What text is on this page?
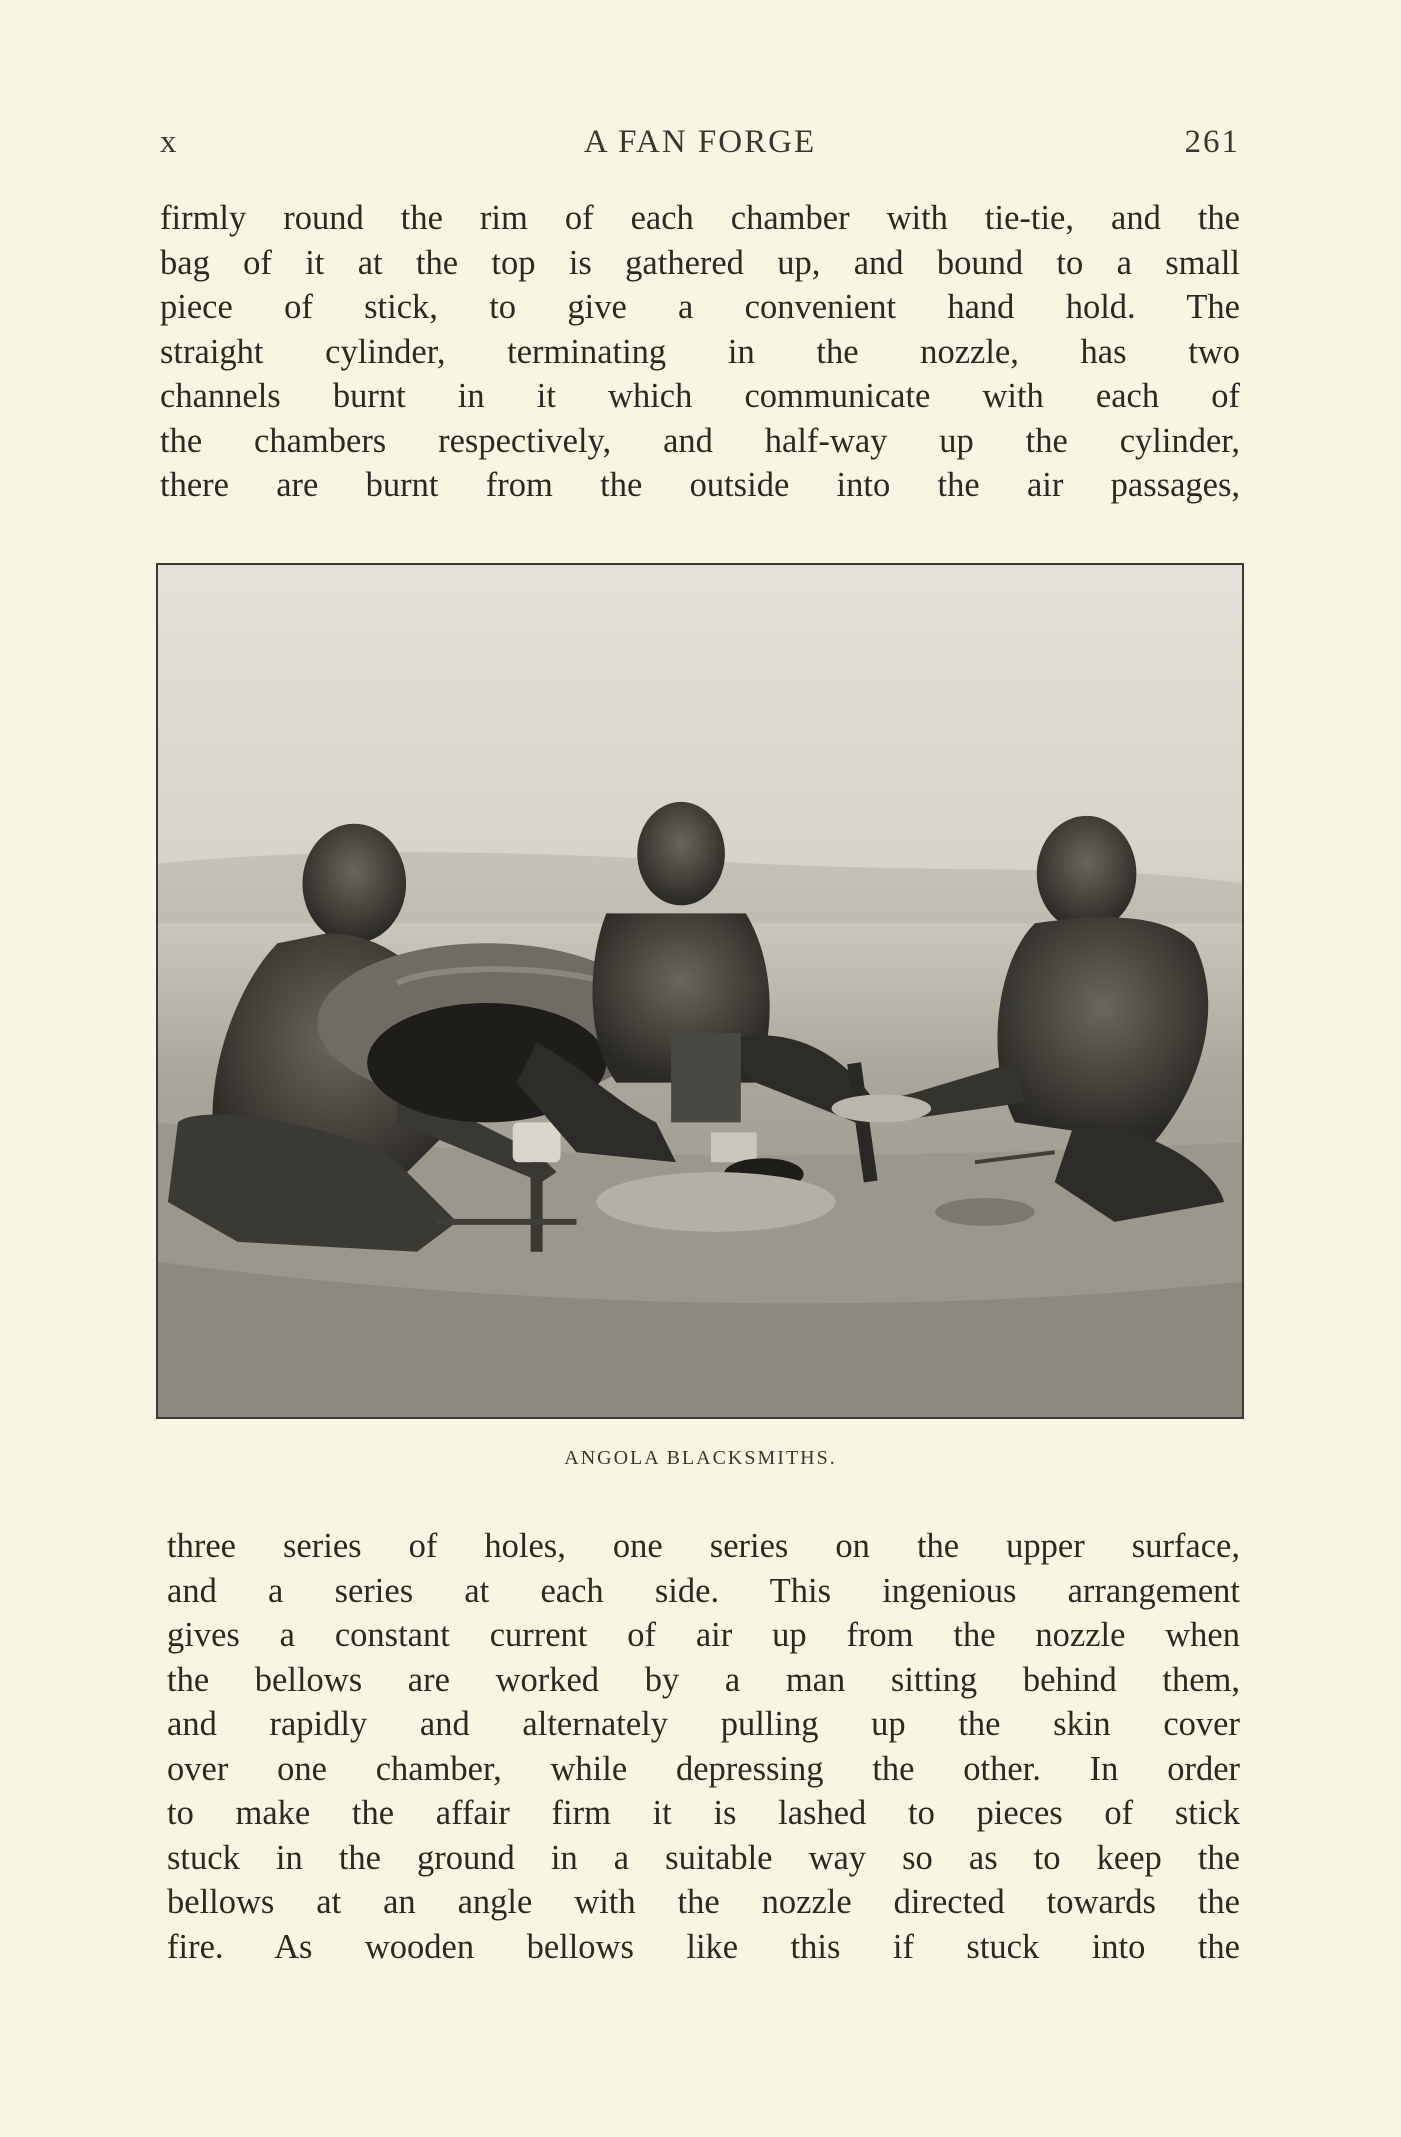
x	A FAN FORGE	261
firmly round the rim of each chamber with tie-tie, and the
bag of it at the top is gathered up, and bound to a small
piece of stick, to give a convenient hand hold. The
straight cylinder, terminating in the nozzle, has two
channels burnt in it which communicate with each of
the chambers respectively, and half-way up the cylinder,
there are burnt from the outside into the air passages,
ANGOLA BLACKSMITHS.
three series of holes, one series on the upper surface,
and a series at each side. This ingenious arrangement
gives a constant current of air up from the nozzle when
the bellows are worked by a man sitting behind them,
and rapidly and alternately pulling up the skin cover
over one chamber, while depressing the other. In order
to make the affair firm it is lashed to pieces of stick
stuck in the ground in a suitable way so as to keep the
bellows at an angle with the nozzle directed towards the
fire. As wooden bellows like this if stuck into the
